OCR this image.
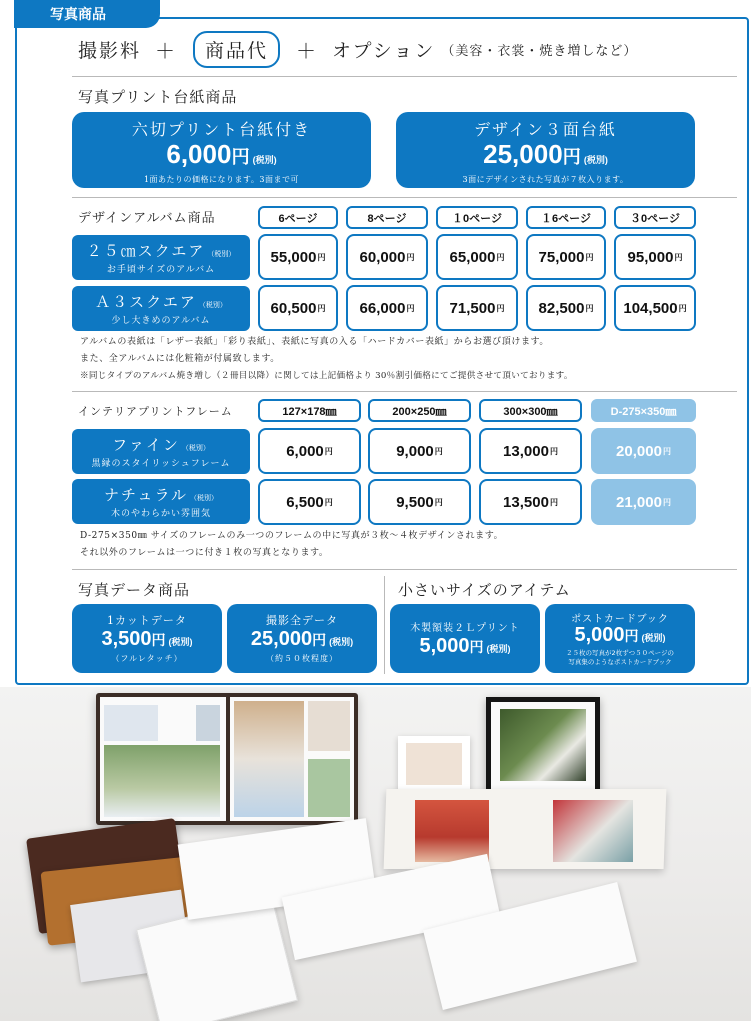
写真商品
撮影料 ＋	商品代	＋ オプション （美容・衣裳・焼き増しなど）
写真プリント台紙商品
六切プリント台紙付き
6,000円 (税別)
1面あたりの価格になります。3面まで可
デザイン３面台紙
25,000円 (税別)
3面にデザインされた写真が７枚入ります。
デザインアルバム商品	6ページ	8ページ	１0ページ	１6ページ	３0ページ
２５㎝スクエア （税別）
お手頃サイズのアルバム
55,000 円 60,000 円 65,000 円 75,000 円 95,000 円
Ａ３スクエア （税別）
少し大きめのアルバム
60,500 円 66,000 円 71,500 円 82,500 円 104,500 円
アルバムの表紙は「レザー表紙」「彩り表紙」、表紙に写真の入る「ハードカバー表紙」からお選び頂けます。
また、全アルバムには化粧箱が付属致します。
※同じタイプのアルバム焼き増し（２冊目以降）に関しては上記価格より 30％割引価格にてご提供させて頂いております。
インテリアプリントフレーム	127×178㎜	200×250㎜	300×300㎜	D-275×350㎜
ファイン （税別）
黒縁のスタイリッシュフレーム
6,000 円	9,000 円	13,000 円	20,000 円
ナチュラル （税別）
木のやわらかい雰囲気
6,500 円	9,500 円	13,500 円	21,000 円
D-275×350㎜ サイズのフレームのみ一つのフレームの中に写真が３枚～４枚デザインされます。
それ以外のフレームは一つに付き１枚の写真となります。
写真データ商品
1カットデータ
3,500円 (税別)
（フルレタッチ）
撮影全データ
25,000円 (税別)
（約５０枚程度）
小さいサイズのアイテム
木製額装２Ｌプリント
5,000円 (税別)
ポストカードブック
5,000円 (税別)
２５枚の写真が2枚ずつ５０ページの
写真集のようなポストカードブック
